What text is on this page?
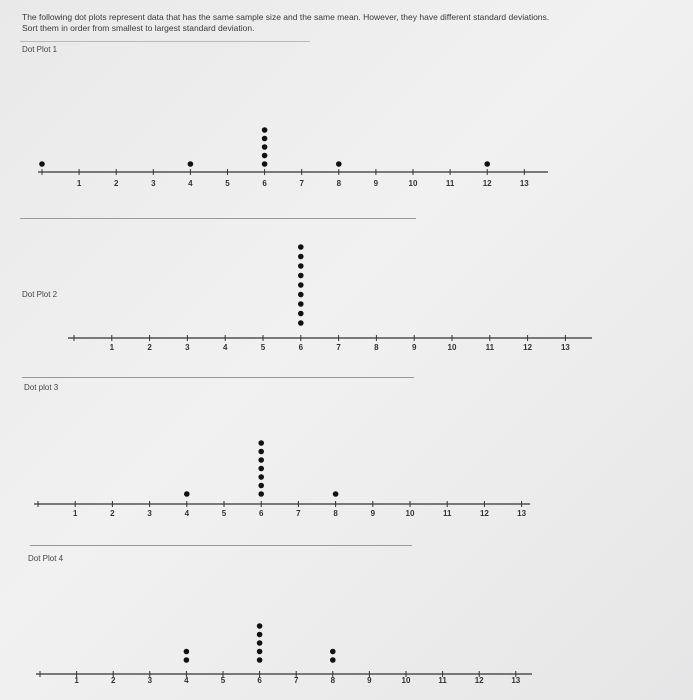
The following dot plots represent data that has the same sample size and the same mean. However, they have different standard deviations.
Sort them in order from smallest to largest standard deviation.
Dot Plot 1
1	2	3	4	5	6	7	8	9	10	11	12	13
Dot Plot 2
1	2	3	4	5	6	7	8	9	10	11	12	13
Dot plot 3
1	2	3	4	5	6	7	8	9	10	11	12	13
Dot Plot 4
1	2	3	4	5	6	7	8	9	10	11	12	13
